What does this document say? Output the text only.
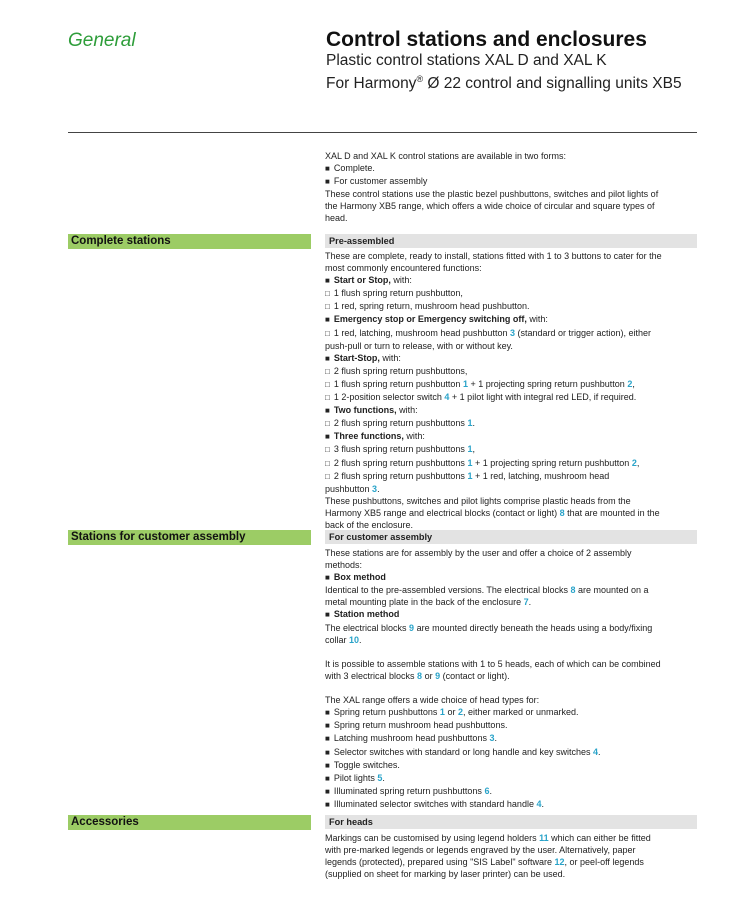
General	Control stations and enclosures
Plastic control stations XAL D and XAL K
For Harmony® Ø 22 control and signalling units XB5
XAL D and XAL K control stations are available in two forms:
■ Complete.
■ For customer assembly
These control stations use the plastic bezel pushbuttons, switches and pilot lights of
the Harmony XB5 range, which offers a wide choice of circular and square types of
head.
Complete stations	Pre-assembled
These are complete, ready to install, stations fitted with 1 to 3 buttons to cater for the
most commonly encountered functions:
■ Start or Stop, with:
□ 1 flush spring return pushbutton,
□ 1 red, spring return, mushroom head pushbutton.
■ Emergency stop or Emergency switching off, with:
□ 1 red, latching, mushroom head pushbutton 3 (standard or trigger action), either
push-pull or turn to release, with or without key.
■ Start-Stop, with:
□ 2 flush spring return pushbuttons,
□ 1 flush spring return pushbutton 1 + 1 projecting spring return pushbutton 2,
□ 1 2-position selector switch 4 + 1 pilot light with integral red LED, if required.
■ Two functions, with:
□ 2 flush spring return pushbuttons 1.
■ Three functions, with:
□ 3 flush spring return pushbuttons 1,
□ 2 flush spring return pushbuttons 1 + 1 projecting spring return pushbutton 2,
□ 2 flush spring return pushbuttons 1 + 1 red, latching, mushroom head
pushbutton 3.
These pushbuttons, switches and pilot lights comprise plastic heads from the
Harmony XB5 range and electrical blocks (contact or light) 8 that are mounted in the
back of the enclosure.
Stations for customer assembly	For customer assembly
These stations are for assembly by the user and offer a choice of 2 assembly
methods:
■ Box method
Identical to the pre-assembled versions. The electrical blocks 8 are mounted on a
metal mounting plate in the back of the enclosure 7.
■ Station method
The electrical blocks 9 are mounted directly beneath the heads using a body/fixing
collar 10.
It is possible to assemble stations with 1 to 5 heads, each of which can be combined
with 3 electrical blocks 8 or 9 (contact or light).
The XAL range offers a wide choice of head types for:
■ Spring return pushbuttons 1 or 2, either marked or unmarked.
■ Spring return mushroom head pushbuttons.
■ Latching mushroom head pushbuttons 3.
■ Selector switches with standard or long handle and key switches 4.
■ Toggle switches.
■ Pilot lights 5.
■ Illuminated spring return pushbuttons 6.
■ Illuminated selector switches with standard handle 4.
Accessories	For heads
Markings can be customised by using legend holders 11 which can either be fitted
with pre-marked legends or legends engraved by the user. Alternatively, paper
legends (protected), prepared using "SIS Label" software 12, or peel-off legends
(supplied on sheet for marking by laser printer) can be used.
